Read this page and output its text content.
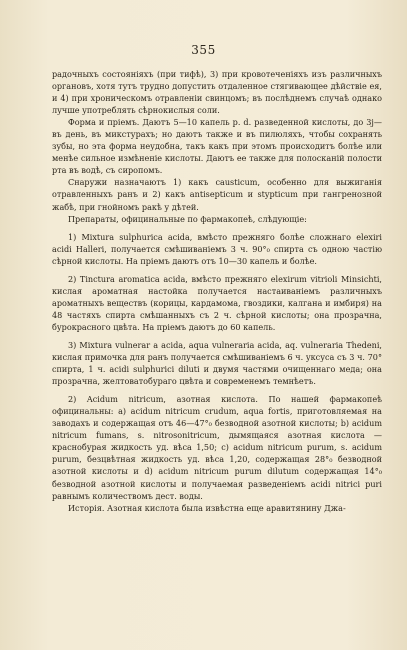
355

радочныхъ состояніяхъ (при тифѣ), 3) при кровотеченіяхъ изъ различныхъ органовъ, хотя тутъ трудно допустить отдаленное стягивающее дѣйствіе ея, и 4) при хроническомъ отравленіи свинцомъ; въ послѣднемъ случаѣ однако лучше употреблять сѣрнокислыя соли.

Форма и пріемъ. Даютъ 5—10 капель p. d. разведенной кислоты, до 3j— въ день, въ микстурахъ; но даютъ также и въ пилюляхъ, чтобы сохранять зубы, но эта форма неудобна, такъ какъ при этомъ происходитъ болѣе или менѣе сильное измѣненіе кислоты. Даютъ ее также для полосканій полости рта въ водѣ, съ сиропомъ.

Снаружи назначаютъ 1) какъ causticum, особенно для выжиганія отравленныхъ ранъ и 2) какъ antisepticum и stypticum при гангренозной жабѣ, при гнойномъ ракѣ у дѣтей.

Препараты, официнальные по фармакопеѣ, слѣдующіе:

1) Mixtura sulphurica acida, вмѣсто прежняго болѣе сложнаго elexiri acidi Halleri, получается смѣшиваніемъ 3 ч. 90°₀ спирта съ одною частію сѣрной кислоты. На пріемъ даютъ отъ 10—30 капель и болѣе.

2) Tinctura aromatica acida, вмѣсто прежняго elexirum vitrioli Minsichti, кислая ароматная настойка получается настаиваніемъ различныхъ ароматныхъ веществъ (корицы, кардамома, гвоздики, калгана и имбиря) на 48 частяхъ спирта смѣшанныхъ съ 2 ч. сѣрной кислоты; она прозрачна, бурокрасного цвѣта. На пріемъ даютъ до 60 капель.

3) Mixtura vulnerar a acida, aqua vulneraria acida, aq. vulneraria Thedeni, кислая примочка для ранъ получается смѣшиваніемъ 6 ч. уксуса съ 3 ч. 70° спирта, 1 ч. acidi sulphurici diluti и двумя частями очищеннаго меда; она прозрачна, желтоватобураго цвѣта и современемъ темнѣетъ.

2) Acidum nitricum, азотная кислота. По нашей фармакопеѣ официнальны: а) acidum nitricum crudum, aqua fortis, приготовляемая на заводахъ и содержащая отъ 46—47°₀ безводной азотной кислоты; b) acidum nitricum fumans, s. nitrosonitricum, дымящаяся азотная кислота —краснобурая жидкость уд. вѣса 1,50; с) acidum nitricum purum, s. acidum purum, безцвѣтная жидкость уд. вѣса 1,20, содержащая 28°₀ безводной азотной кислоты и d) acidum nitricum purum dilutum содержащая 14°₀ безводной азотной кислоты и получаемая разведеніемъ acidi nitrici puri равнымъ количествомъ дест. воды.

Исторія. Азотная кислота была извѣстна еще аравитянину Джа-
